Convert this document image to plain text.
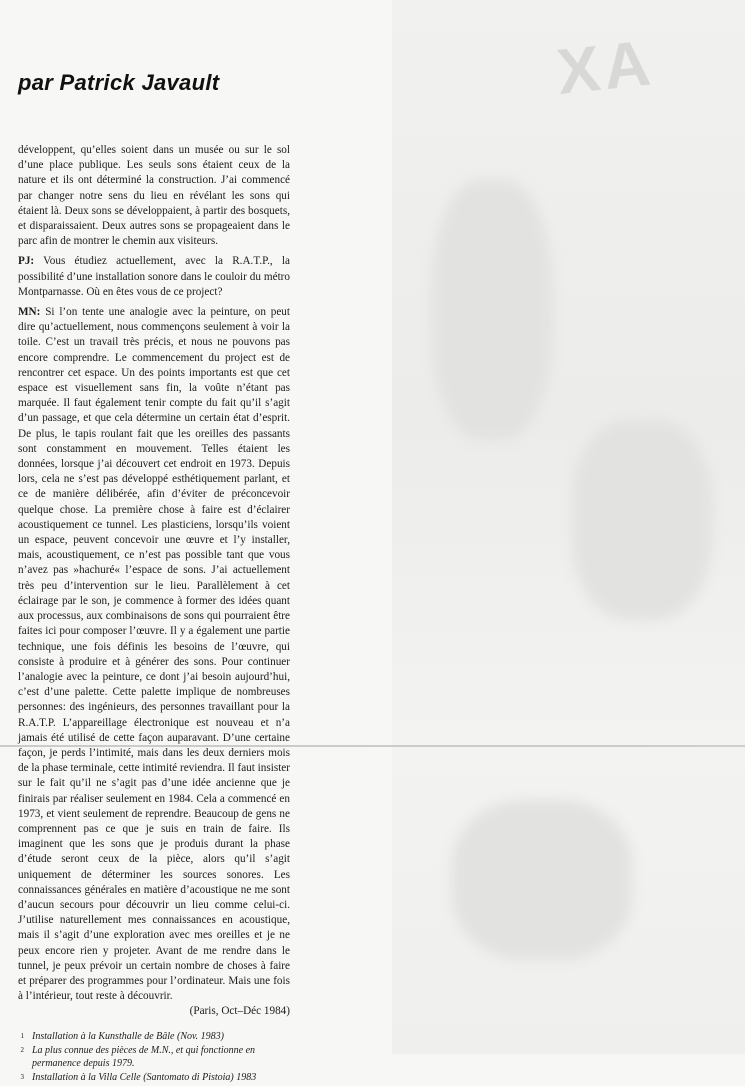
XA
par Patrick Javault

développent, qu’elles soient dans un musée ou sur le sol d’une place publique. Les seuls sons étaient ceux de la nature et ils ont déterminé la construction. J’ai commencé par changer notre sens du lieu en révélant les sons qui étaient là. Deux sons se développaient, à partir des bosquets, et disparaissaient. Deux autres sons se propageaient dans le parc afin de montrer le chemin aux visiteurs.

PJ: Vous étudiez actuellement, avec la R.A.T.P., la possibilité d’une installation sonore dans le couloir du métro Montparnasse. Où en êtes vous de ce project?

MN: Si l’on tente une analogie avec la peinture, on peut dire qu’actuellement, nous commençons seulement à voir la toile. C’est un travail très précis, et nous ne pouvons pas encore comprendre. Le commencement du project est de rencontrer cet espace. Un des points importants est que cet espace est visuellement sans fin, la voûte n’étant pas marquée. Il faut également tenir compte du fait qu’il s’agit d’un passage, et que cela détermine un certain état d’esprit. De plus, le tapis roulant fait que les oreilles des passants sont constamment en mouvement. Telles étaient les données, lorsque j’ai découvert cet endroit en 1973. Depuis lors, cela ne s’est pas développé esthétiquement parlant, et ce de manière délibérée, afin d’éviter de préconcevoir quelque chose. La première chose à faire est d’éclairer acoustiquement ce tunnel. Les plasticiens, lorsqu’ils voient un espace, peuvent concevoir une œuvre et l’y installer, mais, acoustiquement, ce n’est pas possible tant que vous n’avez pas »hachuré« l’espace de sons. J’ai actuellement très peu d’intervention sur le lieu. Parallèlement à cet éclairage par le son, je commence à former des idées quant aux processus, aux combinaisons de sons qui pourraient être faites ici pour composer l’œuvre. Il y a également une partie technique, une fois définis les besoins de l’œuvre, qui consiste à produire et à générer des sons. Pour continuer l’analogie avec la peinture, ce dont j’ai besoin aujourd’hui, c’est d’une palette. Cette palette implique de nombreuses personnes: des ingénieurs, des personnes travaillant pour la R.A.T.P. L’appareillage électronique est nouveau et n’a jamais été utilisé de cette façon auparavant. D’une certaine façon, je perds l’intimité, mais dans les deux derniers mois de la phase terminale, cette intimité reviendra. Il faut insister sur le fait qu’il ne s’agit pas d’une idée ancienne que je finirais par réaliser seulement en 1984. Cela a commencé en 1973, et vient seulement de reprendre. Beaucoup de gens ne comprennent pas ce que je suis en train de faire. Ils imaginent que les sons que je produis durant la phase d’étude seront ceux de la pièce, alors qu’il s’agit uniquement de déterminer les sources sonores. Les connaissances générales en matière d’acoustique ne me sont d’aucun secours pour découvrir un lieu comme celui-ci. J’utilise naturellement mes connaissances en acoustique, mais il s’agit d’une exploration avec mes oreilles et je ne peux encore rien y projeter. Avant de me rendre dans le tunnel, je peux prévoir un certain nombre de choses à faire et préparer des programmes pour l’ordinateur. Mais une fois à l’intérieur, tout reste à découvrir.

(Paris, Oct–Déc 1984)
1 Installation à la Kunsthalle de Bâle (Nov. 1983)
2 La plus connue des pièces de M.N., et qui fonctionne en permanence depuis 1979.
3 Installation à la Villa Celle (Santomato di Pistoia) 1983
